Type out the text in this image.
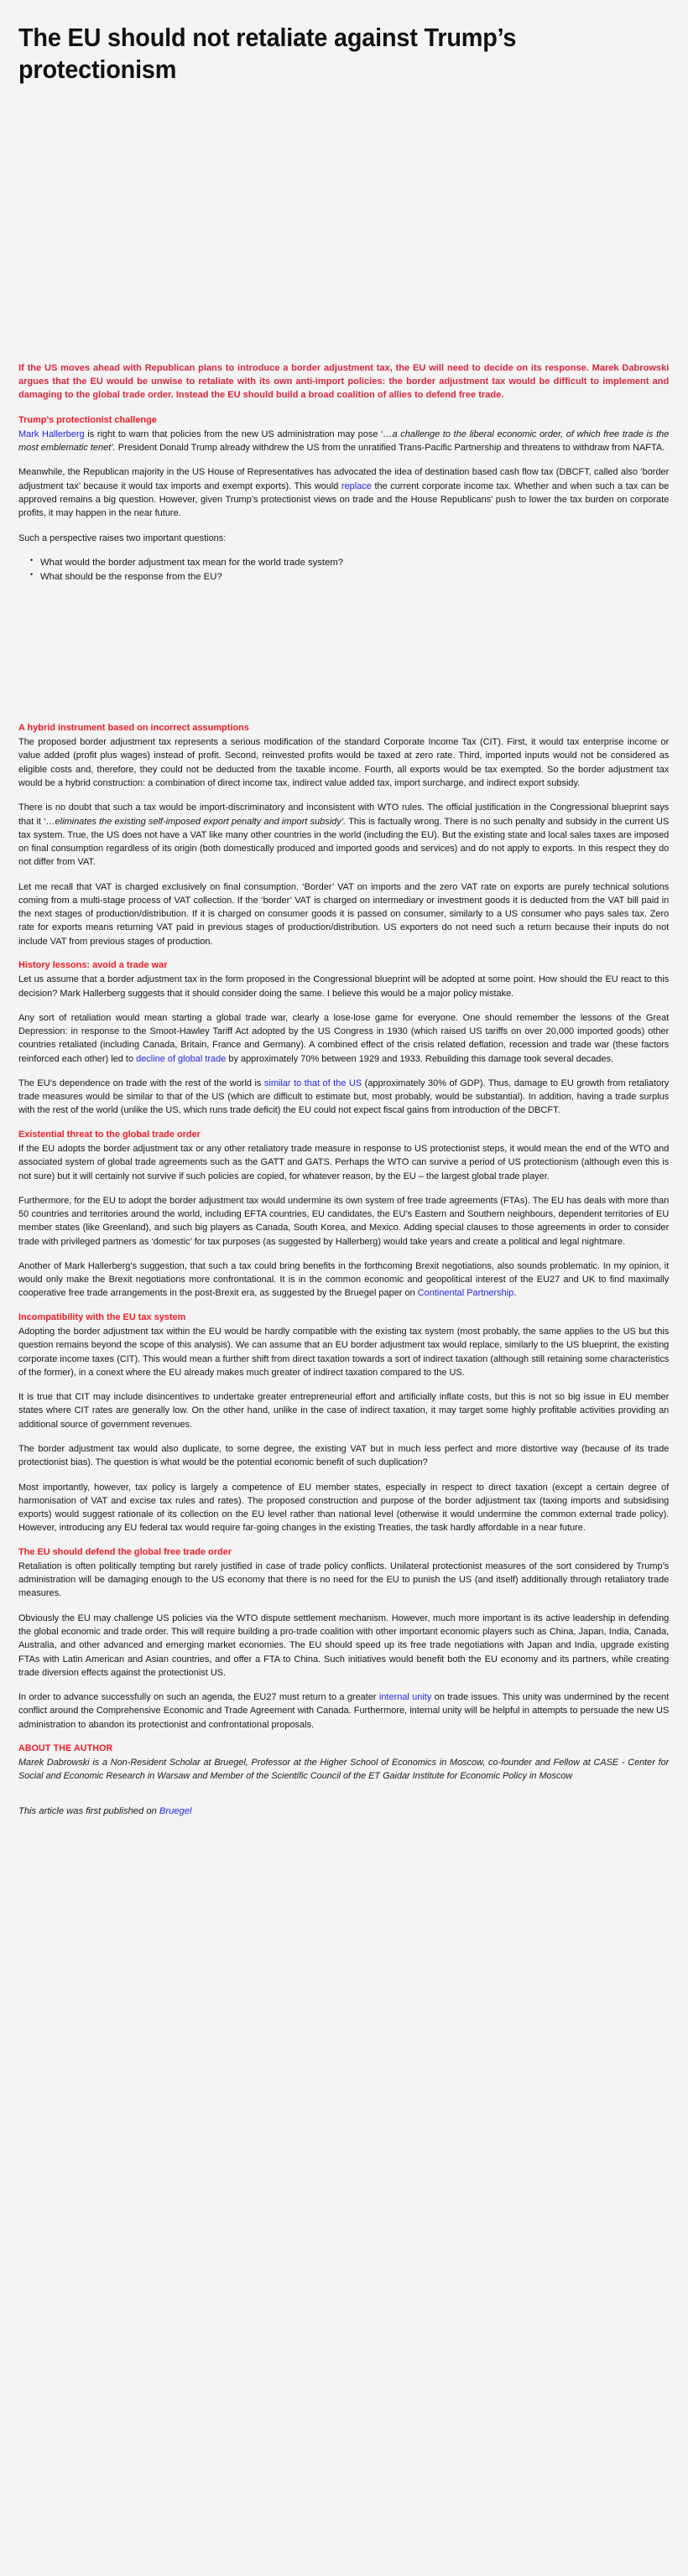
The EU should not retaliate against Trump’s protectionism

If the US moves ahead with Republican plans to introduce a border adjustment tax, the EU will need to decide on its response. Marek Dabrowski argues that the EU would be unwise to retaliate with its own anti-import policies: the border adjustment tax would be difficult to implement and damaging to the global trade order. Instead the EU should build a broad coalition of allies to defend free trade.

Trump’s protectionist challenge

Mark Hallerberg is right to warn that policies from the new US administration may pose ‘…a challenge to the liberal economic order, of which free trade is the most emblematic tenet’. President Donald Trump already withdrew the US from the unratified Trans-Pacific Partnership and threatens to withdraw from NAFTA.

Meanwhile, the Republican majority in the US House of Representatives has advocated the idea of destination based cash flow tax (DBCFT, called also ‘border adjustment tax’ because it would tax imports and exempt exports). This would replace the current corporate income tax. Whether and when such a tax can be approved remains a big question. However, given Trump’s protectionist views on trade and the House Republicans’ push to lower the tax burden on corporate profits, it may happen in the near future.

Such a perspective raises two important questions:

• What would the border adjustment tax mean for the world trade system?
• What should be the response from the EU?
A hybrid instrument based on incorrect assumptions

The proposed border adjustment tax represents a serious modification of the standard Corporate Income Tax (CIT). First, it would tax enterprise income or value added (profit plus wages) instead of profit. Second, reinvested profits would be taxed at zero rate. Third, imported inputs would not be considered as eligible costs and, therefore, they could not be deducted from the taxable income. Fourth, all exports would be tax exempted. So the border adjustment tax would be a hybrid construction: a combination of direct income tax, indirect value added tax, import surcharge, and indirect export subsidy.

There is no doubt that such a tax would be import-discriminatory and inconsistent with WTO rules. The official justification in the Congressional blueprint says that it ‘…eliminates the existing self-imposed export penalty and import subsidy’. This is factually wrong. There is no such penalty and subsidy in the current US tax system. True, the US does not have a VAT like many other countries in the world (including the EU). But the existing state and local sales taxes are imposed on final consumption regardless of its origin (both domestically produced and imported goods and services) and do not apply to exports. In this respect they do not differ from VAT.

Let me recall that VAT is charged exclusively on final consumption. ‘Border’ VAT on imports and the zero VAT rate on exports are purely technical solutions coming from a multi-stage process of VAT collection. If the ‘border’ VAT is charged on intermediary or investment goods it is deducted from the VAT bill paid in the next stages of production/distribution. If it is charged on consumer goods it is passed on consumer, similarly to a US consumer who pays sales tax. Zero rate for exports means returning VAT paid in previous stages of production/distribution. US exporters do not need such a return because their inputs do not include VAT from previous stages of production.

History lessons: avoid a trade war

Let us assume that a border adjustment tax in the form proposed in the Congressional blueprint will be adopted at some point. How should the EU react to this decision? Mark Hallerberg suggests that it should consider doing the same. I believe this would be a major policy mistake.

Any sort of retaliation would mean starting a global trade war, clearly a lose-lose game for everyone. One should remember the lessons of the Great Depression: in response to the Smoot-Hawley Tariff Act adopted by the US Congress in 1930 (which raised US tariffs on over 20,000 imported goods) other countries retaliated (including Canada, Britain, France and Germany). A combined effect of the crisis related deflation, recession and trade war (these factors reinforced each other) led to decline of global trade by approximately 70% between 1929 and 1933. Rebuilding this damage took several decades.

The EU’s dependence on trade with the rest of the world is similar to that of the US (approximately 30% of GDP). Thus, damage to EU growth from retaliatory trade measures would be similar to that of the US (which are difficult to estimate but, most probably, would be substantial). In addition, having a trade surplus with the rest of the world (unlike the US, which runs trade deficit) the EU could not expect fiscal gains from introduction of the DBCFT.

Existential threat to the global trade order

If the EU adopts the border adjustment tax or any other retaliatory trade measure in response to US protectionist steps, it would mean the end of the WTO and associated system of global trade agreements such as the GATT and GATS. Perhaps the WTO can survive a period of US protectionism (although even this is not sure) but it will certainly not survive if such policies are copied, for whatever reason, by the EU – the largest global trade player.

Furthermore, for the EU to adopt the border adjustment tax would undermine its own system of free trade agreements (FTAs). The EU has deals with more than 50 countries and territories around the world, including EFTA countries, EU candidates, the EU’s Eastern and Southern neighbours, dependent territories of EU member states (like Greenland), and such big players as Canada, South Korea, and Mexico. Adding special clauses to those agreements in order to consider trade with privileged partners as ‘domestic’ for tax purposes (as suggested by Hallerberg) would take years and create a political and legal nightmare.

Another of Mark Hallerberg’s suggestion, that such a tax could bring benefits in the forthcoming Brexit negotiations, also sounds problematic. In my opinion, it would only make the Brexit negotiations more confrontational. It is in the common economic and geopolitical interest of the EU27 and UK to find maximally cooperative free trade arrangements in the post-Brexit era, as suggested by the Bruegel paper on Continental Partnership.

Incompatibility with the EU tax system

Adopting the border adjustment tax within the EU would be hardly compatible with the existing tax system (most probably, the same applies to the US but this question remains beyond the scope of this analysis). We can assume that an EU border adjustment tax would replace, similarly to the US blueprint, the existing corporate income taxes (CIT). This would mean a further shift from direct taxation towards a sort of indirect taxation (although still retaining some characteristics of the former), in a conext where the EU already makes much greater of indirect taxation compared to the US.

It is true that CIT may include disincentives to undertake greater entrepreneurial effort and artificially inflate costs, but this is not so big issue in EU member states where CIT rates are generally low. On the other hand, unlike in the case of indirect taxation, it may target some highly profitable activities providing an additional source of government revenues.

The border adjustment tax would also duplicate, to some degree, the existing VAT but in much less perfect and more distortive way (because of its trade protectionist bias). The question is what would be the potential economic benefit of such duplication?

Most importantly, however, tax policy is largely a competence of EU member states, especially in respect to direct taxation (except a certain degree of harmonisation of VAT and excise tax rules and rates). The proposed construction and purpose of the border adjustment tax (taxing imports and subsidising exports) would suggest rationale of its collection on the EU level rather than national level (otherwise it would undermine the common external trade policy). However, introducing any EU federal tax would require far-going changes in the existing Treaties, the task hardly affordable in a near future.

The EU should defend the global free trade order

Retaliation is often politically tempting but rarely justified in case of trade policy conflicts. Unilateral protectionist measures of the sort considered by Trump’s administration will be damaging enough to the US economy that there is no need for the EU to punish the US (and itself) additionally through retaliatory trade measures.

Obviously the EU may challenge US policies via the WTO dispute settlement mechanism. However, much more important is its active leadership in defending the global economic and trade order. This will require building a pro-trade coalition with other important economic players such as China, Japan, India, Canada, Australia, and other advanced and emerging market economies. The EU should speed up its free trade negotiations with Japan and India, upgrade existing FTAs with Latin American and Asian countries, and offer a FTA to China. Such initiatives would benefit both the EU economy and its partners, while creating trade diversion effects against the protectionist US.

In order to advance successfully on such an agenda, the EU27 must return to a greater internal unity on trade issues. This unity was undermined by the recent conflict around the Comprehensive Economic and Trade Agreement with Canada. Furthermore, internal unity will be helpful in attempts to persuade the new US administration to abandon its protectionist and confrontational proposals.

ABOUT THE AUTHOR

Marek Dabrowski is a Non-Resident Scholar at Bruegel, Professor at the Higher School of Economics in Moscow, co-founder and Fellow at CASE - Center for Social and Economic Research in Warsaw and Member of the Scientific Council of the ET Gaidar Institute for Economic Policy in Moscow

This article was first published on Bruegel
